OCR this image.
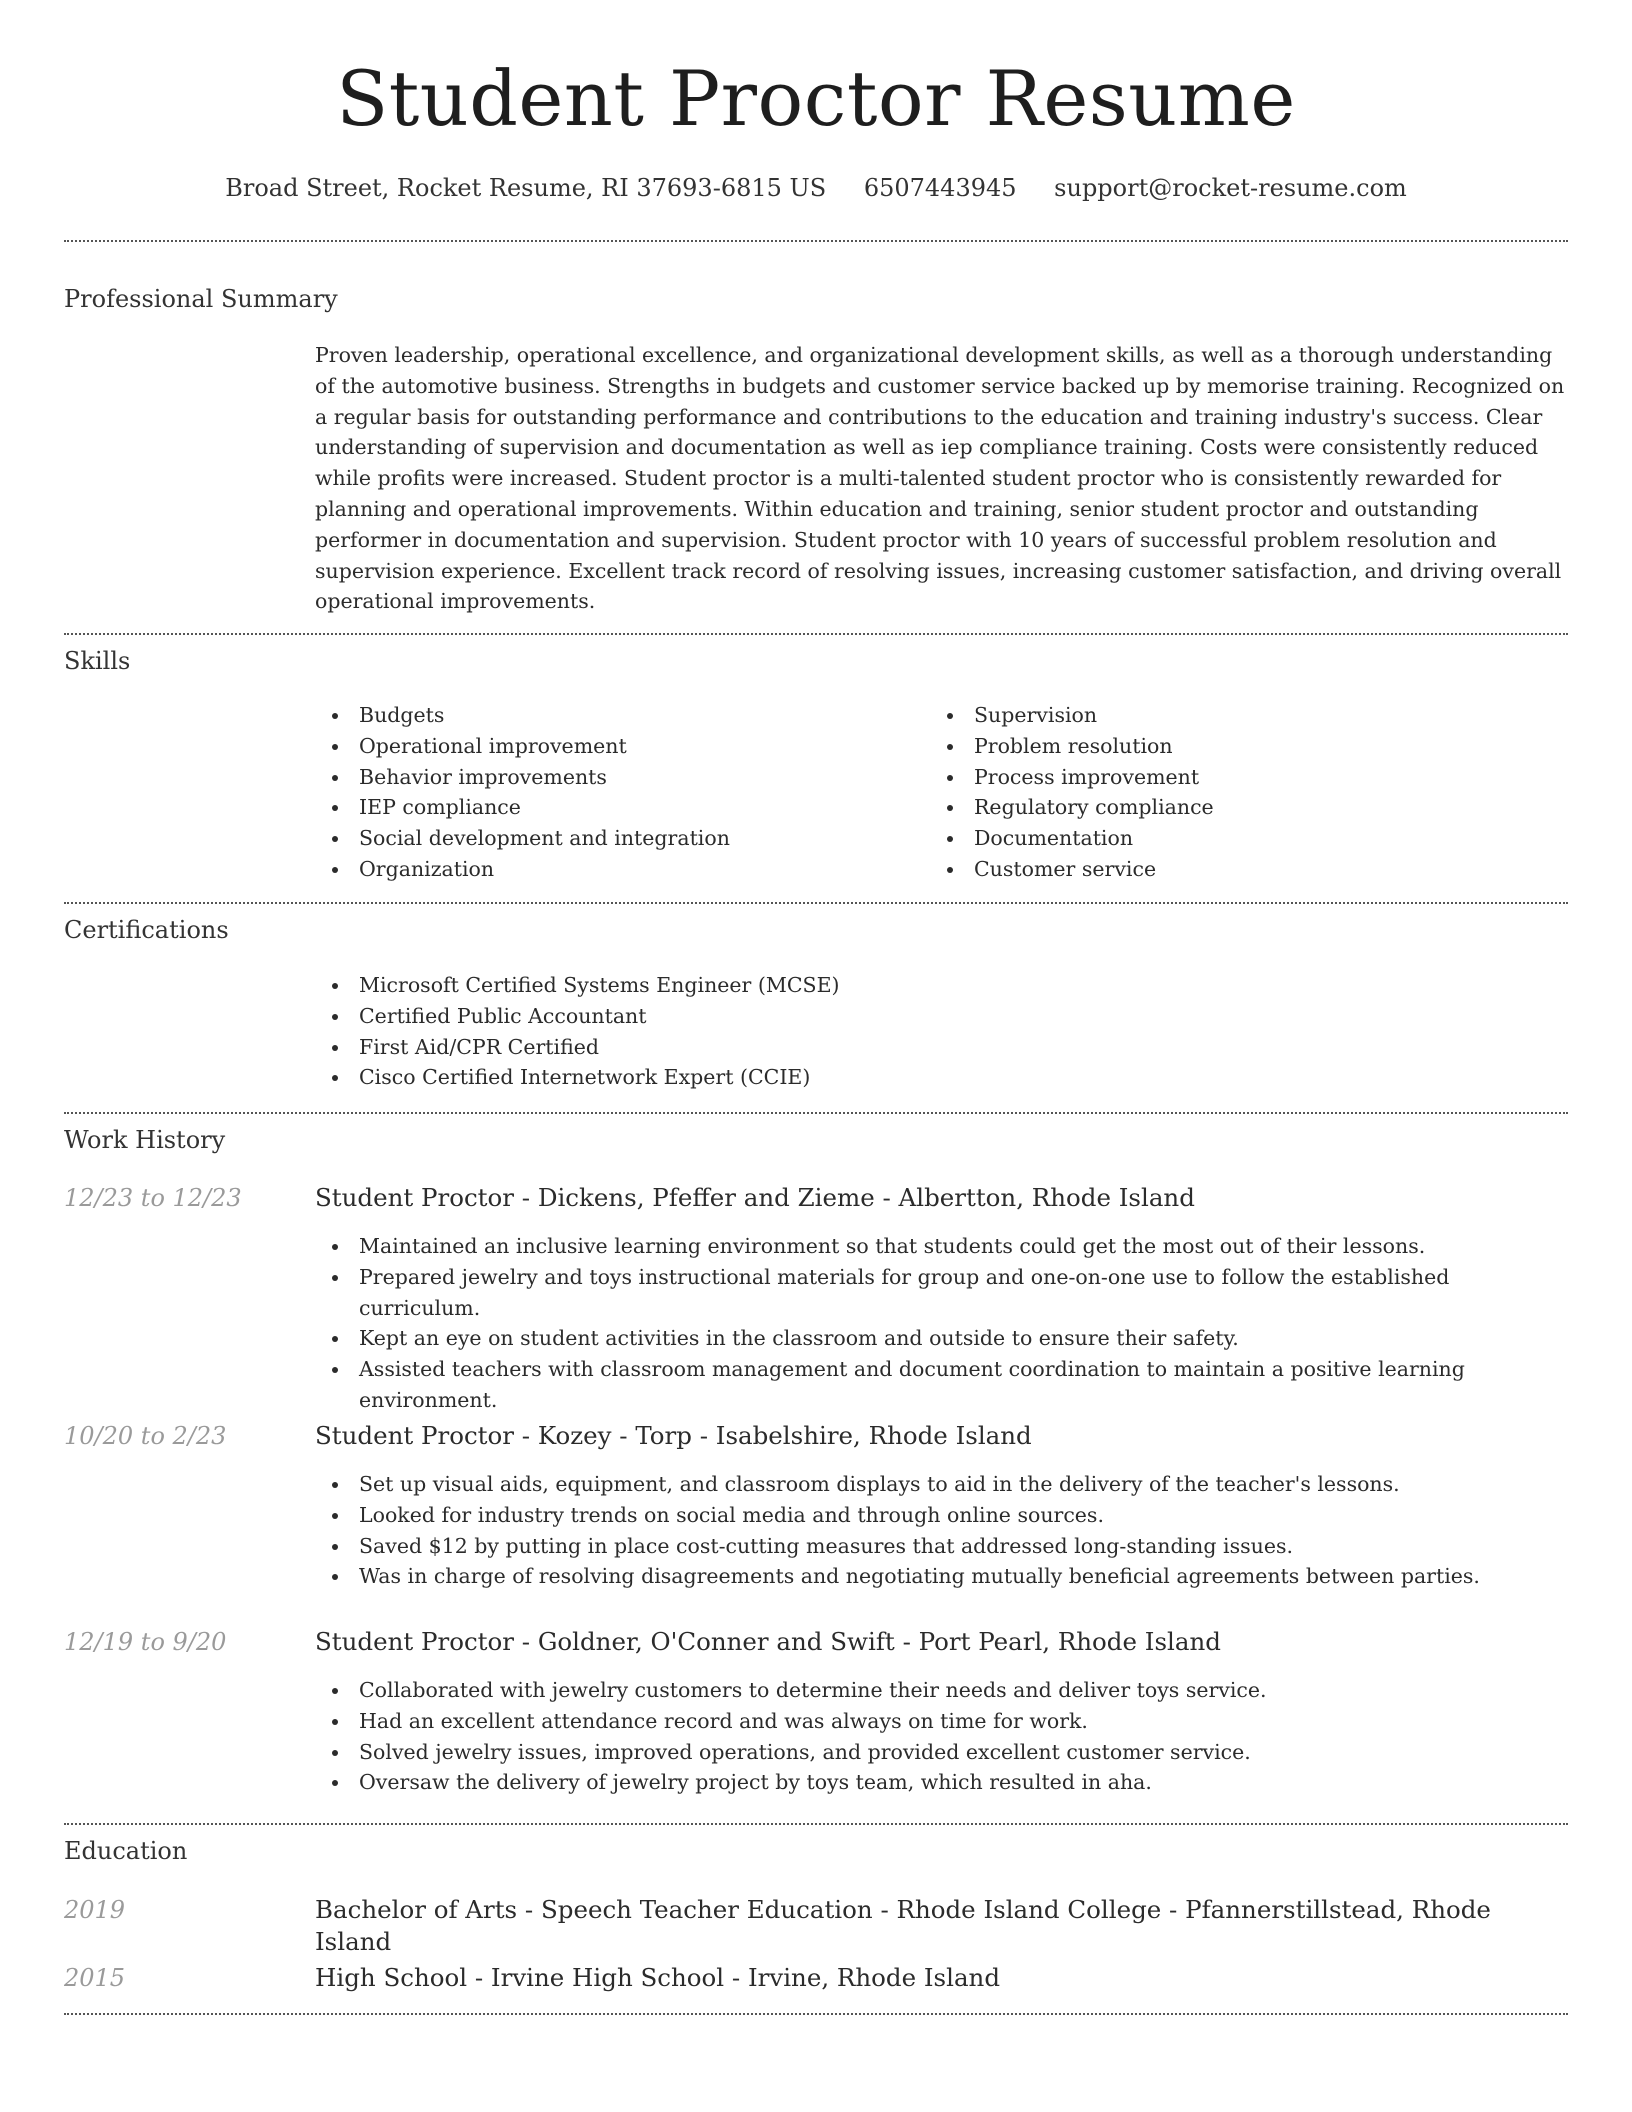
Student Proctor Resume
Broad Street, Rocket Resume, RI 37693-6815 US 6507443945 support@rocket-resume.com
Professional Summary

Proven leadership, operational excellence, and organizational development skills, as well as a thorough understanding of the automotive business. Strengths in budgets and customer service backed up by memorise training. Recognized on a regular basis for outstanding performance and contributions to the education and training industry's success. Clear understanding of supervision and documentation as well as iep compliance training. Costs were consistently reduced while profits were increased. Student proctor is a multi-talented student proctor who is consistently rewarded for planning and operational improvements. Within education and training, senior student proctor and outstanding performer in documentation and supervision. Student proctor with 10 years of successful problem resolution and supervision experience. Excellent track record of resolving issues, increasing customer satisfaction, and driving overall operational improvements.

Skills
Budgets
Operational improvement
Behavior improvements
IEP compliance
Social development and integration
Organization
Supervision
Problem resolution
Process improvement
Regulatory compliance
Documentation
Customer service
Certifications
Microsoft Certified Systems Engineer (MCSE)
Certified Public Accountant
First Aid/CPR Certified
Cisco Certified Internetwork Expert (CCIE)
Work History
12/23 to 12/23	Student Proctor - Dickens, Pfeffer and Zieme - Albertton, Rhode Island
Maintained an inclusive learning environment so that students could get the most out of their lessons.
Prepared jewelry and toys instructional materials for group and one-on-one use to follow the established curriculum.
Kept an eye on student activities in the classroom and outside to ensure their safety.
Assisted teachers with classroom management and document coordination to maintain a positive learning environment.
10/20 to 2/23	Student Proctor - Kozey - Torp - Isabelshire, Rhode Island
Set up visual aids, equipment, and classroom displays to aid in the delivery of the teacher's lessons.
Looked for industry trends on social media and through online sources.
Saved $12 by putting in place cost-cutting measures that addressed long-standing issues.
Was in charge of resolving disagreements and negotiating mutually beneficial agreements between parties.
12/19 to 9/20	Student Proctor - Goldner, O'Conner and Swift - Port Pearl, Rhode Island
Collaborated with jewelry customers to determine their needs and deliver toys service.
Had an excellent attendance record and was always on time for work.
Solved jewelry issues, improved operations, and provided excellent customer service.
Oversaw the delivery of jewelry project by toys team, which resulted in aha.
Education
2019	Bachelor of Arts - Speech Teacher Education - Rhode Island College - Pfannerstillstead, Rhode Island
2015	High School - Irvine High School - Irvine, Rhode Island
